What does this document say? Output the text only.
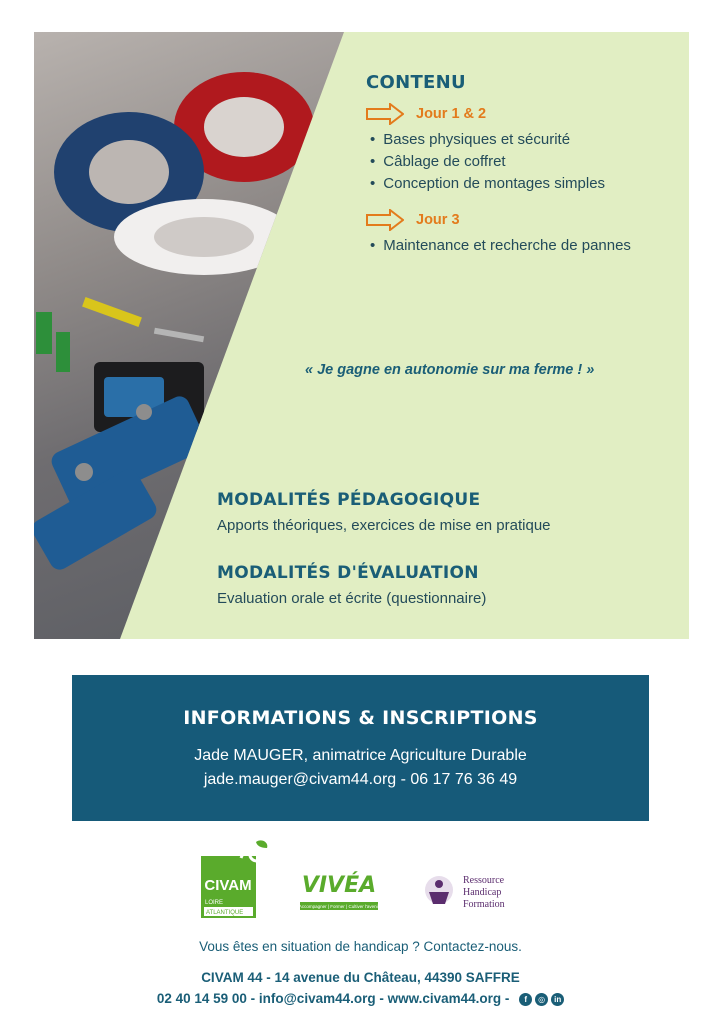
CONTENU
Jour 1 & 2
• Bases physiques et sécurité
• Câblage de coffret
• Conception de montages simples
Jour 3
• Maintenance et recherche de pannes
« Je gagne en autonomie sur ma ferme ! »
MODALITÉS PÉDAGOGIQUE
Apports théoriques, exercices de mise en pratique
MODALITÉS D'ÉVALUATION
Evaluation orale et écrite (questionnaire)
INFORMATIONS & INSCRIPTIONS
Jade MAUGER, animatrice Agriculture Durable
jade.mauger@civam44.org - 06 17 76 36 49
CIVAM
LOIRE
ATLANTIQUE
VIVÉA
Accompagner | Former | Cultiver l'avenir
Ressource
Handicap
Formation
Vous êtes en situation de handicap ? Contactez-nous.
CIVAM 44 - 14 avenue du Château, 44390 SAFFRE
02 40 14 59 00 - info@civam44.org - www.civam44.org -	f	◎	in
